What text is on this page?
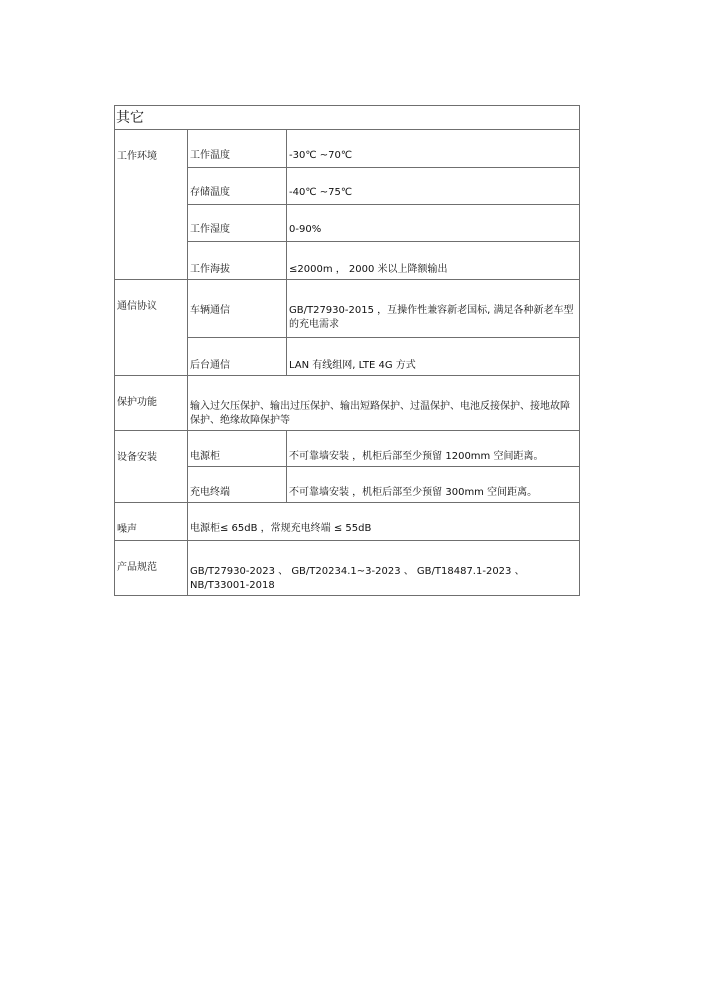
其它		
工作环境	工作温度	-30℃ ~70℃
	存储温度	-40℃ ~75℃
	工作湿度	0-90%
	工作海拔	≤2000m ， 2000 米以上降额输出
通信协议	车辆通信	GB/T27930-2015 ，互操作性兼容新老国标, 满足各种新老车型的充电需求
	后台通信	LAN 有线组网, LTE 4G 方式
保护功能	输入过欠压保护、输出过压保护、输出短路保护、过温保护、电池反接保护、接地故障保护、绝缘故障保护等	
设备安装	电源柜	不可靠墙安装 ，机柜后部至少预留 1200mm 空间距离。
	充电终端	不可靠墙安装 ，机柜后部至少预留 300mm 空间距离。
噪声	电源柜≤ 65dB ，常规充电终端 ≤ 55dB	
产品规范	GB/T27930-2023 、 GB/T20234.1~3-2023 、 GB/T18487.1-2023 、 NB/T33001-2018	
